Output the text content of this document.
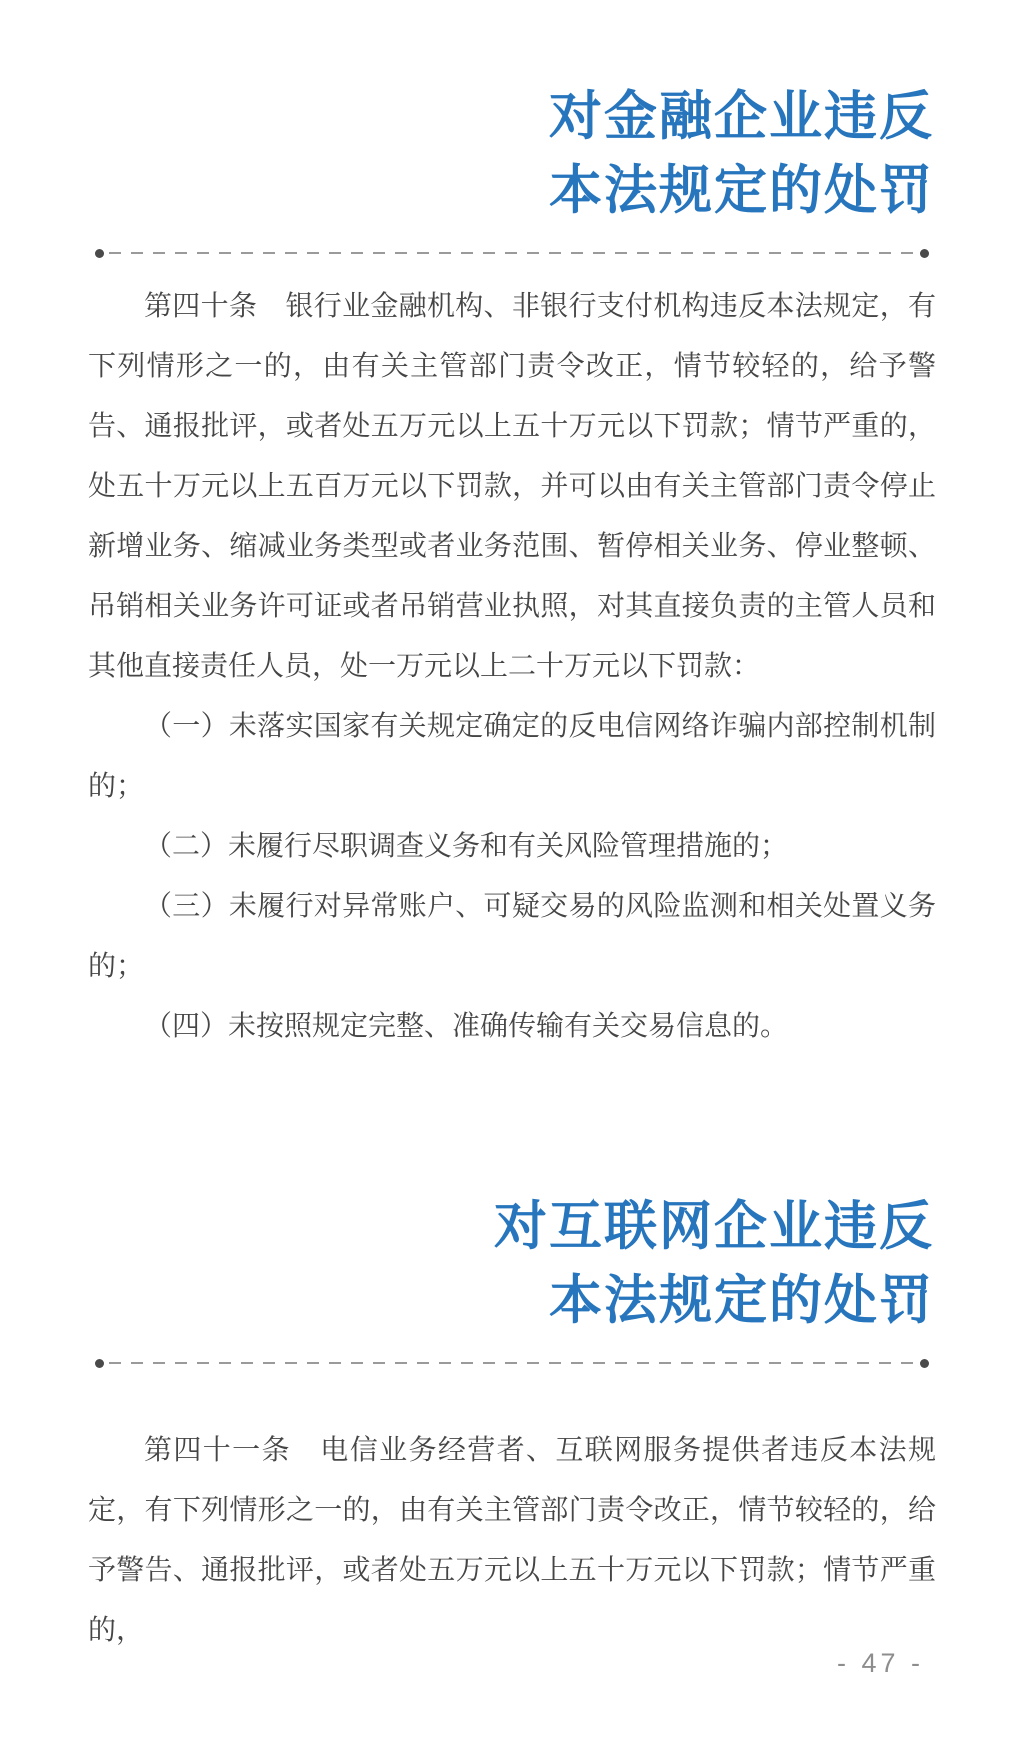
对金融企业违反
本法规定的处罚

第四十条　银行业金融机构、非银行支付机构违反本法规定，有下列情形之一的，由有关主管部门责令改正，情节较轻的，给予警告、通报批评，或者处五万元以上五十万元以下罚款；情节严重的，处五十万元以上五百万元以下罚款，并可以由有关主管部门责令停止新增业务、缩减业务类型或者业务范围、暂停相关业务、停业整顿、吊销相关业务许可证或者吊销营业执照，对其直接负责的主管人员和其他直接责任人员，处一万元以上二十万元以下罚款：

（一）未落实国家有关规定确定的反电信网络诈骗内部控制机制的；

（二）未履行尽职调查义务和有关风险管理措施的；

（三）未履行对异常账户、可疑交易的风险监测和相关处置义务的；

（四）未按照规定完整、准确传输有关交易信息的。

对互联网企业违反
本法规定的处罚

第四十一条　电信业务经营者、互联网服务提供者违反本法规定，有下列情形之一的，由有关主管部门责令改正，情节较轻的，给予警告、通报批评，或者处五万元以上五十万元以下罚款；情节严重的，

- 47 -
